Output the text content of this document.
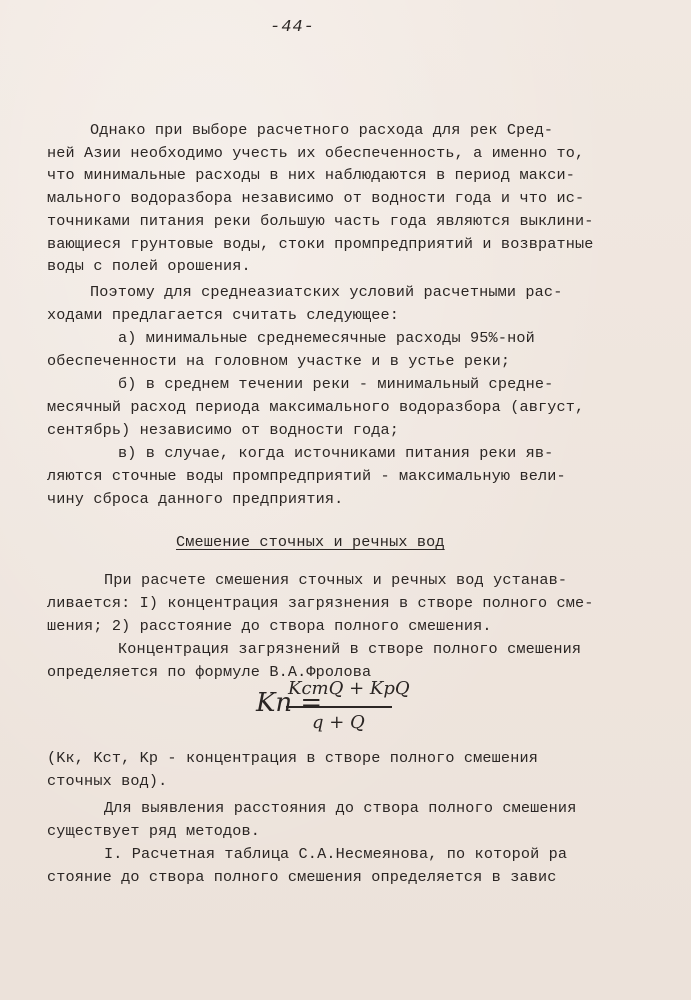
-44-
Однако при выборе расчетного расхода для рек Сред-
ней Азии необходимо учесть их обеспеченность, а именно то,
что минимальные расходы в них наблюдаются в период макси-
мального водоразбора независимо от водности года и что ис-
точниками питания реки большую часть года являются выклини-
вающиеся грунтовые воды, стоки промпредприятий и возвратные
воды с полей орошения.
Поэтому для среднеазиатских условий расчетными рас-
ходами предлагается считать следующее:
а) минимальные среднемесячные расходы 95%-ной
обеспеченности на головном участке и в устье реки;
б) в среднем течении реки - минимальный средне-
месячный расход периода максимального водоразбора (август,
сентябрь) независимо от водности года;
в) в случае, когда источниками питания реки яв-
ляются сточные воды промпредприятий - максимальную вели-
чину сброса данного предприятия.
Смешение сточных и речных вод
При расчете смешения сточных и речных вод устанав-
ливается: I) концентрация загрязнения в створе полного сме-
шения; 2) расстояние до створа полного смешения.
Концентрация загрязнений в створе полного смешения
определяется по формуле В.А.Фролова
(Kк, Kст, Kр - концентрация в створе полного смешения
сточных вод).
Для выявления расстояния до створа полного смешения
существует ряд методов.
I. Расчетная таблица С.А.Несмеянова, по которой ра
стояние до створа полного смешения определяется в завис
Kп =
KстQ + KрQ
q + Q
